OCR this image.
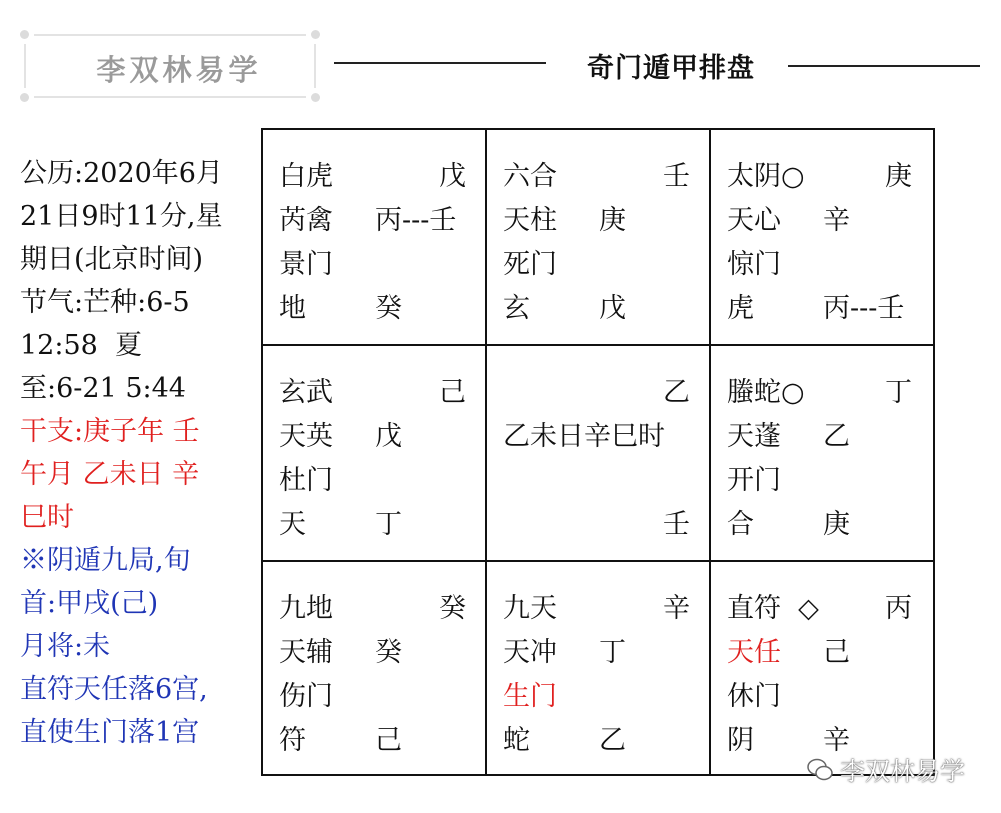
李双林易学	奇门遁甲排盘
公历:2020年6月
21日9时11分,星
期日(北京时间)
节气:芒种:6-5
12:58  夏
至:6-21 5:44
干支:庚子年 壬
午月 乙未日 辛
巳时
※阴遁九局,旬
首:甲戌(己)
月将:未
直符天任落6宫,
直使生门落1宫
白虎	戊
芮禽 丙---壬
景门
地	癸
六合	壬
天柱 庚
死门
玄	戊
太阴○	庚
天心 辛
惊门
虎	丙---壬
玄武	己
天英 戊
杜门
天	丁
乙
乙未日辛巳时
壬
螣蛇○	丁
天蓬 乙
开门
合	庚
九地	癸
天辅 癸
伤门
符	己
九天	辛
天冲 丁
生门
蛇	乙
直符  ◇ 丙
天任 己
休门
阴	辛
李双林易学
